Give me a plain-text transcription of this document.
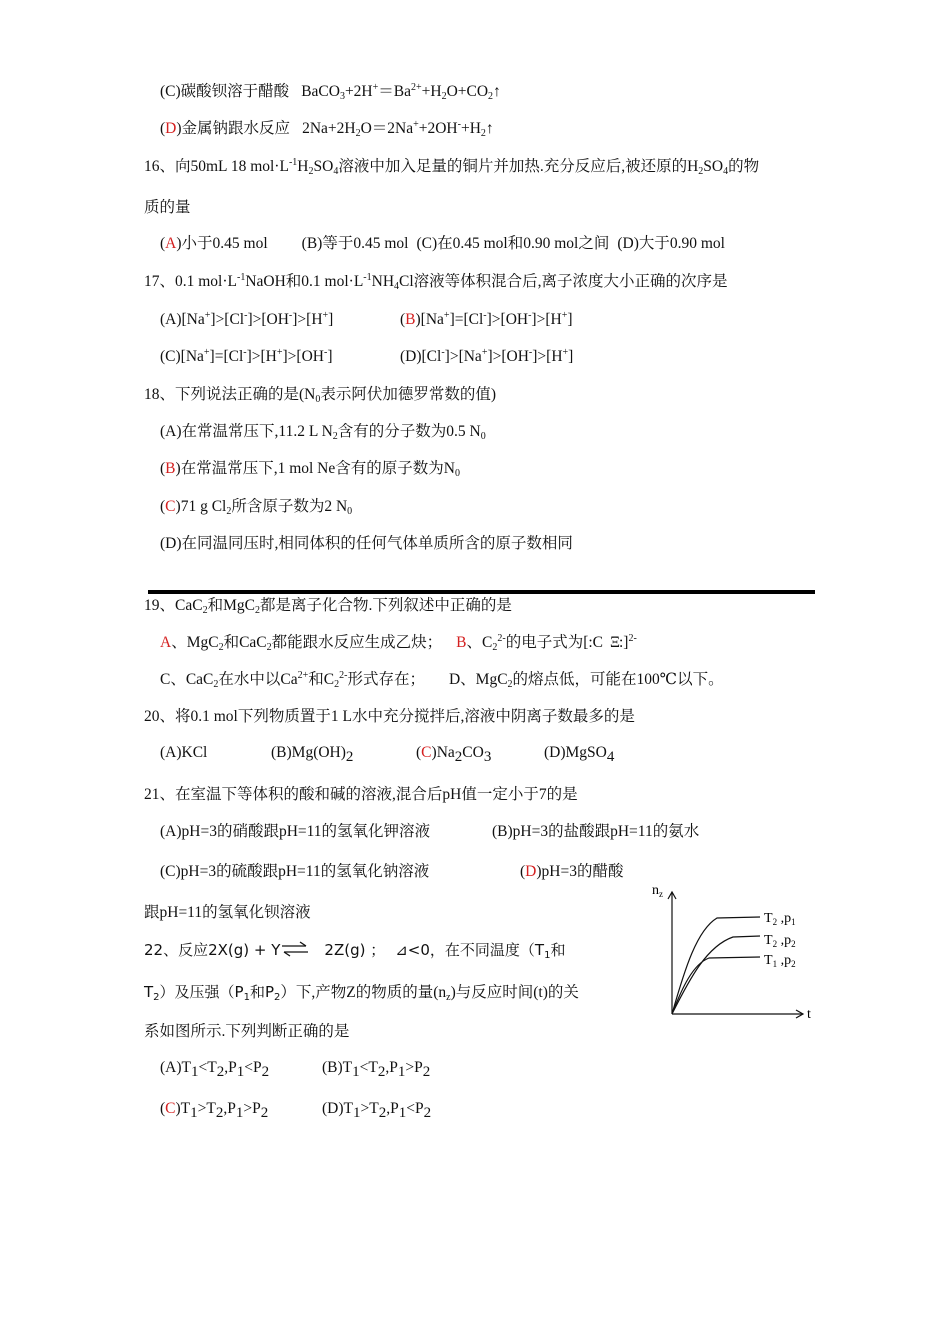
(C)碳酸钡溶于醋酸 $BaCO_3+2H^+=Ba^{2+}+H_2O+CO_2↑$
(D)金属钠跟水反应 $2Na+2H_2O=2Na^++2OH^-+H_2↑$
16、向50mL 18 $mol\cdot L^{-1}H_2SO_4$溶液中加入足量的铜片并加热.充分反应后,被还原的$H_2SO_4$的物
质的量
(A)小于0.45 mol (B)等于0.45 mol (C)在0.45 mol和0.90 mol之间 (D)大于0.90 mol
17、0.1 $mol\cdot L^{-1}NaOH$和0.1 $mol\cdot L^{-1}NH_4Cl$溶液等体积混合后,离子浓度大小正确的次序是
(A)[Na+]>[Cl-]>[OH-]>[H+]	(B)[Na+]=[Cl-]>[OH-]>[H+]
(C)[Na+]=[Cl-]>[H+]>[OH-]	(D)[Cl-]>[Na+]>[OH-]>[H+]
18、下列说法正确的是($N_0$表示阿伏加德罗常数的值)
(A)在常温常压下,11.2 L $N_2$含有的分子数为0.5 $N_0$
(B)在常温常压下,1 mol Ne含有的原子数为$N_0$
(C)71 g $Cl_2$所含原子数为2 $N_0$
(D)在同温同压时,相同体积的任何气体单质所含的原子数相同
19、CaC$_2$和MgC$_2$都是离子化合物.下列叙述中正确的是
A、MgC$_2$和CaC$_2$都能跟水反应生成乙炔； B、$C_2^{2-}$的电子式为[:C Ξ:]$^{2-}$
C、CaC$_2$在水中以$Ca^{2+}$和$C_2^{2-}$形式存在； D、MgC$_2$的熔点低，可能在100℃以下。
20、将0.1 mol下列物质置于1 L水中充分搅拌后,溶液中阴离子数最多的是
(A)KCl	(B)Mg(OH)2	(C)Na2CO3	(D)MgSO4
21、在室温下等体积的酸和碱的溶液,混合后pH值一定小于7的是
(A)pH=3的硝酸跟pH=11的氢氧化钾溶液	(B)pH=3的盐酸跟pH=11的氨水
(C)pH=3的硫酸跟pH=11的氢氧化钠溶液	(D)pH=3的醋酸
跟pH=11的氢氧化钡溶液
22、反应2X(g) + Y⇌ 2Z(g) ； ⊿<0，在不同温度（$T_1$和
$T_2$）及压强（$P_1$和$P_2$）下,产物Z的物质的量$(n_z)$与反应时间(t)的关
系如图所示.下列判断正确的是
(A)T1<T2,P1<P2	(B)T1<T2,P1>P2
(C)T1>T2,P1>P2	(D)T1>T2,P1<P2
$n_z$
t
$T_2$ $,p_1$
$T_2$ $,p_2$
$T_1$ $,p_2$
